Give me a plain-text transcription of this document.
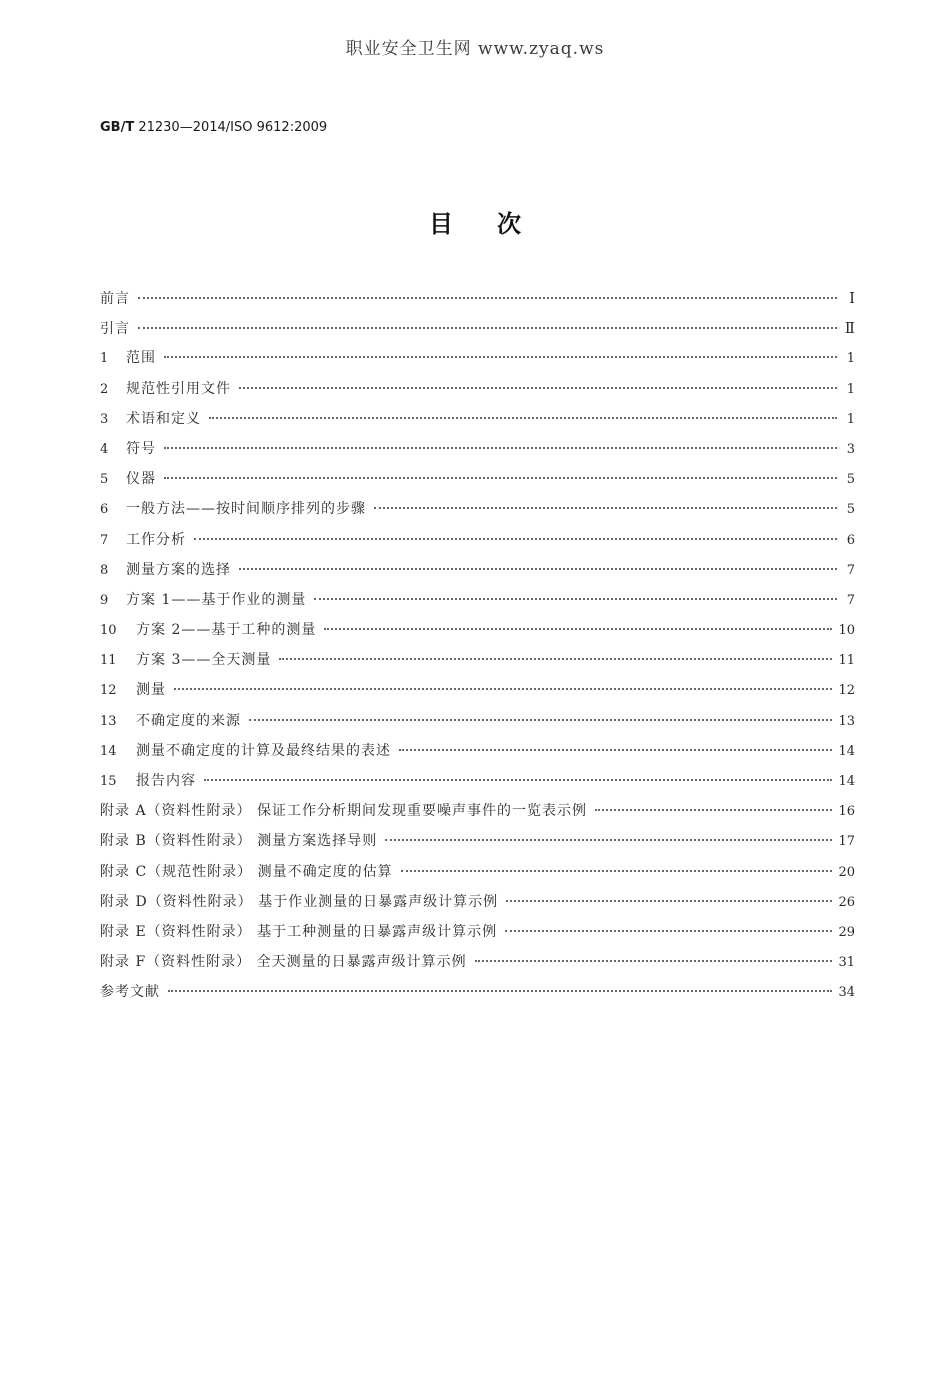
职业安全卫生网 www.zyaq.ws
GB/T 21230—2014/ISO 9612:2009
目次
前言	Ⅰ
引言	Ⅱ
1	范围	1
2	规范性引用文件	1
3	术语和定义	1
4	符号	3
5	仪器	5
6	一般方法——按时间顺序排列的步骤	5
7	工作分析	6
8	测量方案的选择	7
9	方案 1——基于作业的测量	7
10	方案 2——基于工种的测量	10
11	方案 3——全天测量	11
12	测量	12
13	不确定度的来源	13
14	测量不确定度的计算及最终结果的表述	14
15	报告内容	14
附录 A（资料性附录） 保证工作分析期间发现重要噪声事件的一览表示例	16
附录 B（资料性附录） 测量方案选择导则	17
附录 C（规范性附录） 测量不确定度的估算	20
附录 D（资料性附录） 基于作业测量的日暴露声级计算示例	26
附录 E（资料性附录） 基于工种测量的日暴露声级计算示例	29
附录 F（资料性附录） 全天测量的日暴露声级计算示例	31
参考文献	34
